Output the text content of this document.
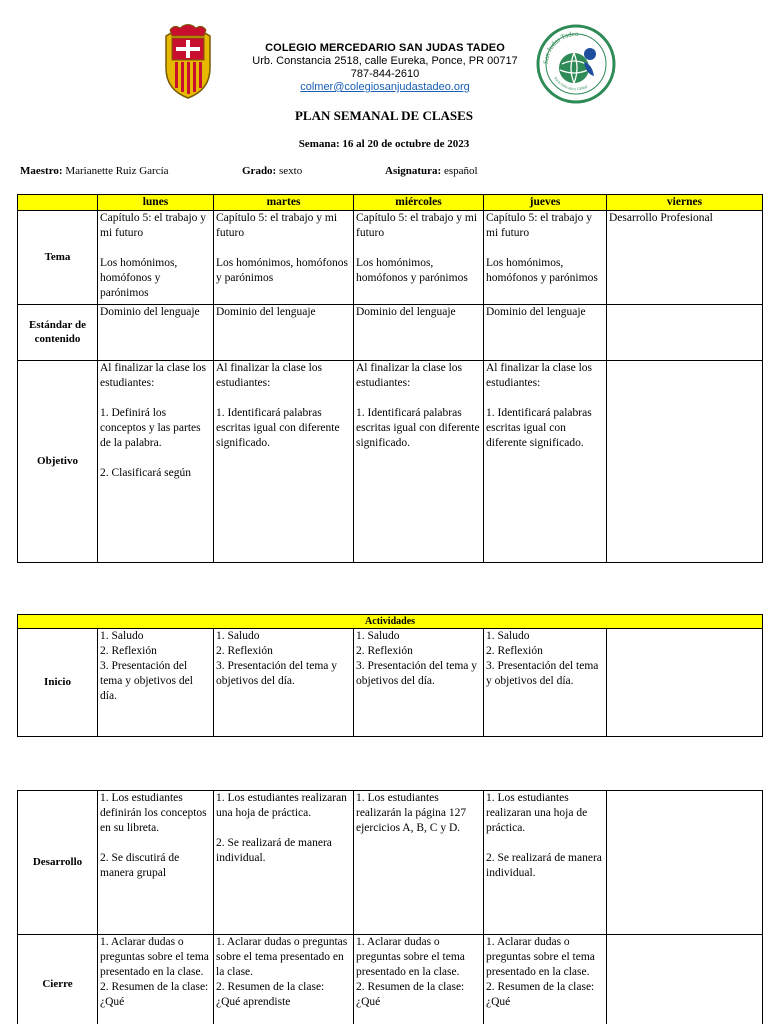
COLEGIO MERCEDARIO SAN JUDAS TADEO
Urb. Constancia 2518, calle Eureka, Ponce, PR 00717
787-844-2610
colmer@colegiosanjudastadeo.org
San Judas Tadeo
Pacto Educativo Global
PLAN SEMANAL DE CLASES
Semana: 16 al 20 de octubre de 2023
Maestro: Marianette Ruiz García	Grado: sexto	Asignatura: español
	lunes	martes	miércoles	jueves	viernes
Tema	Capítulo 5: el trabajo y mi futuro

Los homónimos, homófonos y parónimos	Capítulo 5: el trabajo y mi futuro

Los homónimos, homófonos y parónimos	Capítulo 5: el trabajo y mi futuro

Los homónimos, homófonos y parónimos	Capítulo 5: el trabajo y mi futuro

Los homónimos, homófonos y parónimos	Desarrollo Profesional
Estándar de contenido	Dominio del lenguaje	Dominio del lenguaje	Dominio del lenguaje	Dominio del lenguaje	
Objetivo	Al finalizar la clase los estudiantes:

1. Definirá los conceptos y las partes de la palabra.

2. Clasificará según	Al finalizar la clase los estudiantes:

1. Identificará palabras escritas igual con diferente significado.	Al finalizar la clase los estudiantes:

1. Identificará palabras escritas igual con diferente significado.	Al finalizar la clase los estudiantes:

1. Identificará palabras escritas igual con diferente significado.	
Actividades
Inicio	1. Saludo
2. Reflexión
3. Presentación del tema y objetivos del día.	1. Saludo
2. Reflexión
3. Presentación del tema y objetivos del día.	1. Saludo
2. Reflexión
3. Presentación del tema y objetivos del día.	1. Saludo
2. Reflexión
3. Presentación del tema y objetivos del día.	
Desarrollo	1. Los estudiantes definirán los conceptos en su libreta.

2. Se discutirá de manera grupal	1. Los estudiantes realizaran una hoja de práctica.

2. Se realizará de manera individual.	1. Los estudiantes realizarán la página 127 ejercicios A, B, C y D.	1. Los estudiantes realizaran una hoja de práctica.

2. Se realizará de manera individual.	
Cierre	1. Aclarar dudas o preguntas sobre el tema presentado en la clase.
2. Resumen de la clase: ¿Qué	1. Aclarar dudas o preguntas sobre el tema presentado en la clase.
2. Resumen de la clase: ¿Qué aprendiste	1. Aclarar dudas o preguntas sobre el tema presentado en la clase.
2. Resumen de la clase: ¿Qué	1. Aclarar dudas o preguntas sobre el tema presentado en la clase.
2. Resumen de la clase: ¿Qué	
